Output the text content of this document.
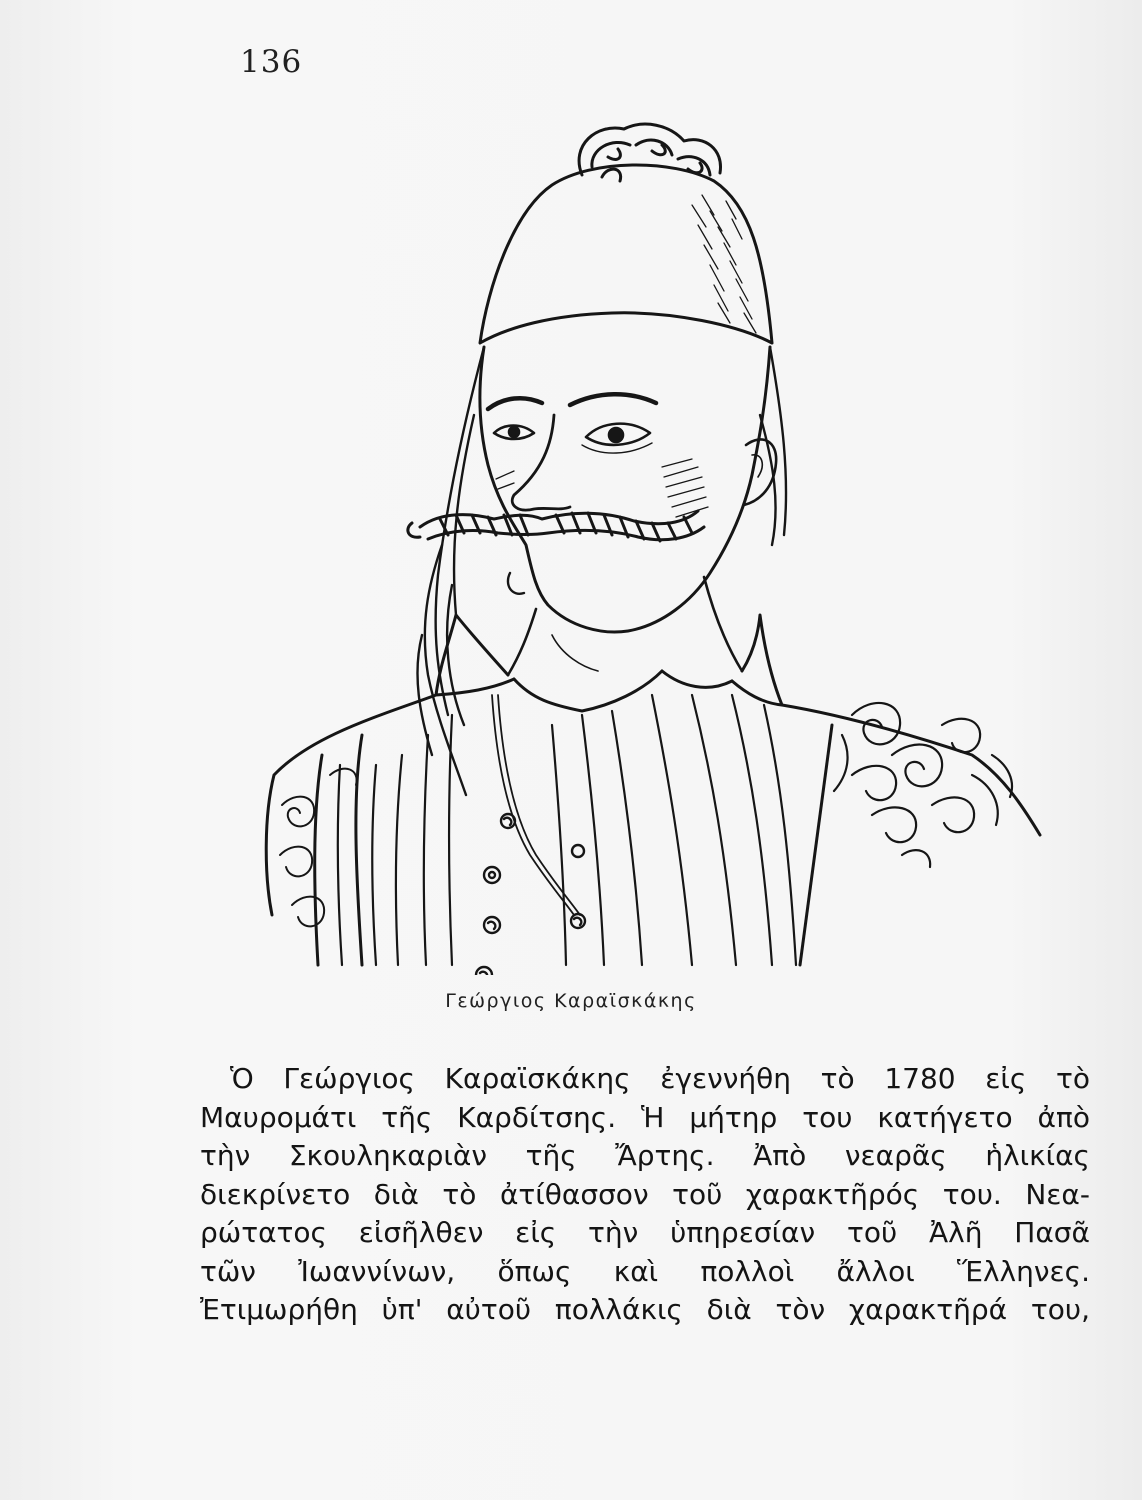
136
Γεώργιος Καραϊσκάκης
Ὁ Γεώργιος Καραϊσκάκης ἐγεννήθη τὸ 1780 εἰς τὸ
Μαυρομάτι τῆς Καρδίτσης. Ἡ μήτηρ του κατήγετο ἀπὸ
τὴν Σκουληκαριὰν τῆς Ἄρτης. Ἀπὸ νεαρᾶς ἡλικίας
διεκρίνετο διὰ τὸ ἀτίθασσον τοῦ χαρακτῆρός του. Νεα-
ρώτατος εἰσῆλθεν εἰς τὴν ὑπηρεσίαν τοῦ Ἀλῆ Πασᾶ
τῶν Ἰωαννίνων, ὅπως καὶ πολλοὶ ἄλλοι Ἕλληνες.
Ἐτιμωρήθη ὑπ' αὐτοῦ πολλάκις διὰ τὸν χαρακτῆρά του,
